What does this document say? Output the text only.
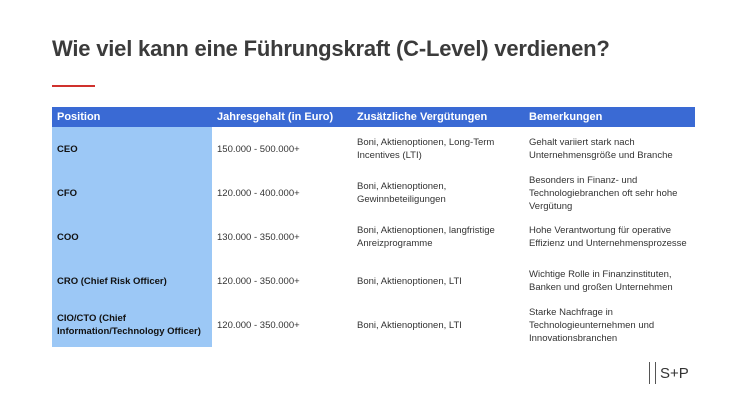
Wie viel kann eine Führungskraft (C-Level) verdienen?
Position	Jahresgehalt (in Euro)	Zusätzliche Vergütungen	Bemerkungen
CEO	150.000 - 500.000+	Boni, Aktienoptionen, Long-Term Incentives (LTI)	Gehalt variiert stark nach Unternehmensgröße und Branche
CFO	120.000 - 400.000+	Boni, Aktienoptionen, Gewinnbeteiligungen	Besonders in Finanz- und Technologiebranchen oft sehr hohe Vergütung
COO	130.000 - 350.000+	Boni, Aktienoptionen, langfristige Anreizprogramme	Hohe Verantwortung für operative Effizienz und Unternehmensprozesse
CRO (Chief Risk Officer)	120.000 - 350.000+	Boni, Aktienoptionen, LTI	Wichtige Rolle in Finanzinstituten, Banken und großen Unternehmen
CIO/CTO (Chief Information/Technology Officer)	120.000 - 350.000+	Boni, Aktienoptionen, LTI	Starke Nachfrage in Technologieunternehmen und Innovationsbranchen
S+P
